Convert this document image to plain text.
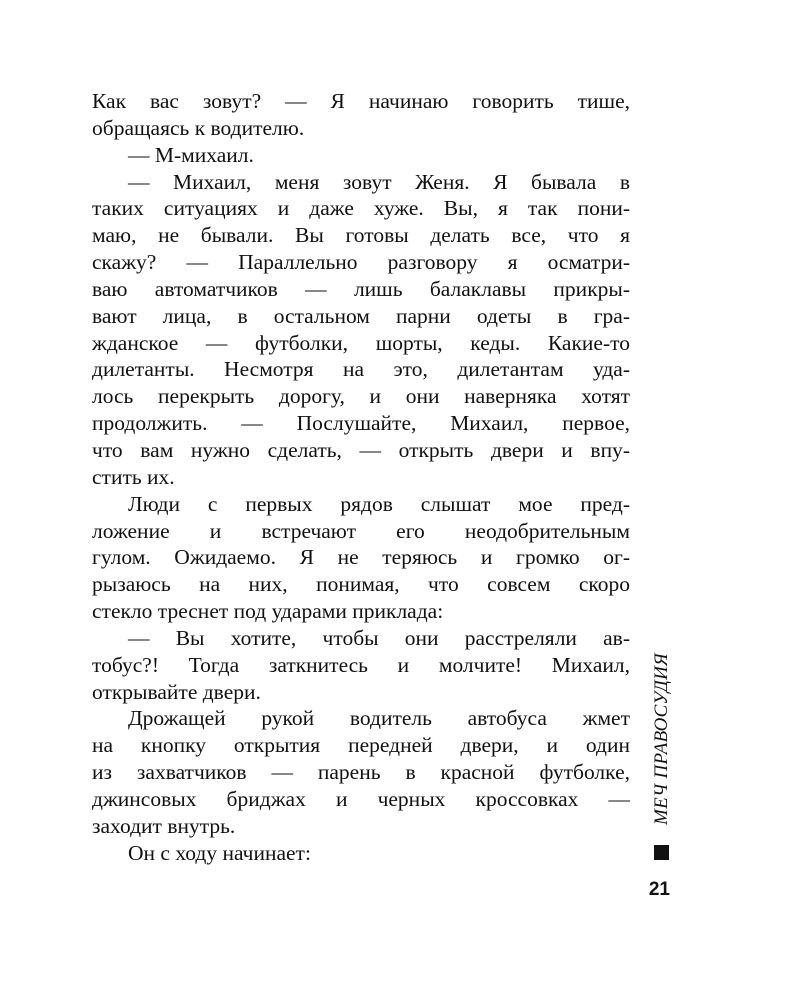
Как вас зовут? — Я начинаю говорить тише,
обращаясь к водителю.
— М-михаил.
— Михаил, меня зовут Женя. Я бывала в
таких ситуациях и даже хуже. Вы, я так пони-
маю, не бывали. Вы готовы делать все, что я
скажу? — Параллельно разговору я осматри-
ваю автоматчиков — лишь балаклавы прикры-
вают лица, в остальном парни одеты в гра-
жданское — футболки, шорты, кеды. Какие-то
дилетанты. Несмотря на это, дилетантам уда-
лось перекрыть дорогу, и они наверняка хотят
продолжить. — Послушайте, Михаил, первое,
что вам нужно сделать, — открыть двери и впу-
стить их.
Люди с первых рядов слышат мое пред-
ложение и встречают его неодобрительным
гулом. Ожидаемо. Я не теряюсь и громко ог-
рызаюсь на них, понимая, что совсем скоро
стекло треснет под ударами приклада:
— Вы хотите, чтобы они расстреляли ав-
тобус?! Тогда заткнитесь и молчите! Михаил,
открывайте двери.
Дрожащей рукой водитель автобуса жмет
на кнопку открытия передней двери, и один
из захватчиков — парень в красной футболке,
джинсовых бриджах и черных кроссовках —
заходит внутрь.
Он с ходу начинает:
МЕЧ ПРАВОСУДИЯ
21
